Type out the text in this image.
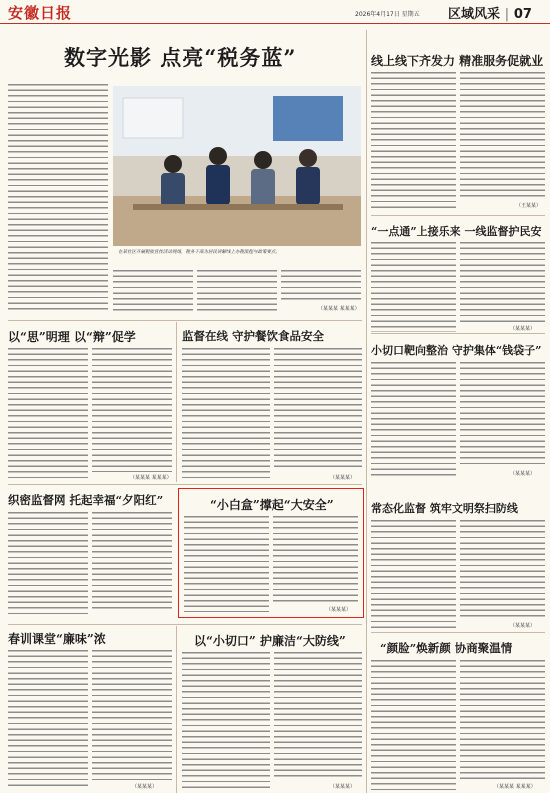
安徽日报	2026年4月17日 星期五 区域风采 | 07
数字光影 点亮“税务蓝”
在某社区开展税收宣传活动现场，税务干部为居民讲解线上办税流程与政策要点。
（某某某 某某某）
线上线下齐发力 精准服务促就业
（王某某）
“一点通”上接乐来 一线监督护民安
（某某某）
小切口靶向整治 守护集体“钱袋子”
（某某某）
以“思”明理 以“辩”促学
（某某某 某某某）
监督在线 守护餐饮食品安全
（某某某）
织密监督网 托起幸福“夕阳红”	“小白盒”撑起“大安全”
（某某某）
常态化监督 筑牢文明祭扫防线
（某某某）
春训课堂“廉味”浓
（某某某）
以“小切口” 护廉洁“大防线”
（某某某）
“颜脸”焕新颜 协商聚温情
（某某某 某某某）
